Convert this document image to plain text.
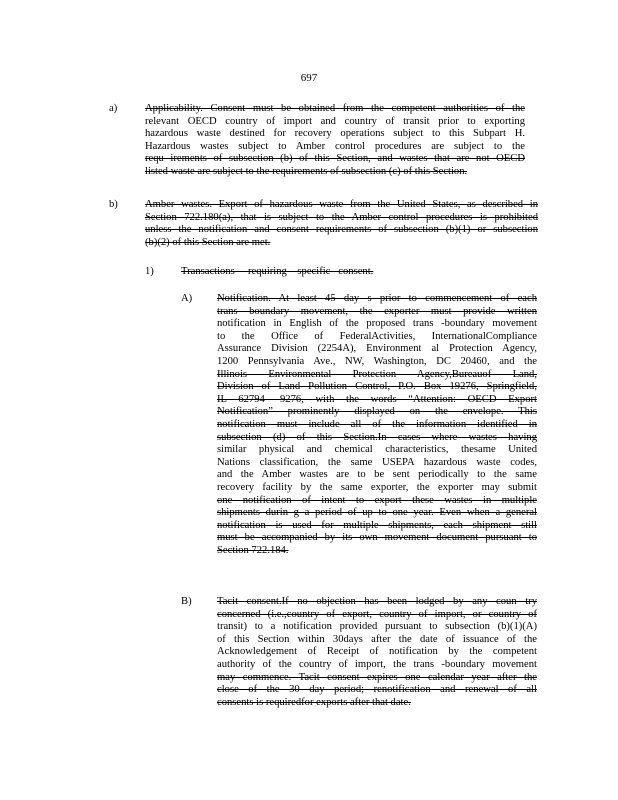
697
a)	Applicability. Consent must be obtained from the competent authorities of the
relevant OECD country of import and country of transit prior to exporting
hazardous waste destined for recovery operations subject to this Subpart H.
Hazardous wastes subject to Amber control procedures are subject to the
requ irements of subsection (b) of this Section, and wastes that are not OECD
listed waste are subject to the requirements of subsection (c) of this Section.
b)	Amber wastes. Export of hazardous waste from the United States, as described in
Section 722.180(a), that is subject to the Amber control procedures is prohibited
unless the notification and consent requirements of subsection (b)(1) or subsection
(b)(2) of this Section are met.
1)	Transactions     requiring    specific   consent.
A) Notification. At least 45 day s prior to commencement of each
trans boundary movement, the exporter must provide written
notification in English of the proposed trans -boundary movement
to the Office of FederalActivities, InternationalCompliance
Assurance Division (2254A), Environment al Protection Agency,
1200 Pennsylvania Ave., NW, Washington, DC 20460, and the
Illinois Environmental Protection Agency,Bureauof Land,
Division of Land Pollution Control, P.O. Box 19276, Springfield,
IL 62794 -9276, with the words “Attention: OECD Export
Notification” prominently displayed on the envelope. This
notification must include all of the information identified in
subsection (d) of this Section.In cases where wastes having
similar physical and chemical characteristics, thesame United
Nations classification, the same USEPA hazardous waste codes,
and the Amber wastes are to be sent periodically to the same
recovery facility by the same exporter, the exporter may submit
one notification of intent to export these wastes in multiple
shipments durin g a period of up to one year. Even when a general
notification is used for multiple shipments, each shipment still
must be accompanied by its own movement document pursuant to
Section 722.184.
B) Tacit consent.If no objection has been lodged by any coun try
concerned (i.e.,country of export, country of import, or country of
transit) to a notification provided pursuant to subsection (b)(1)(A)
of this Section within 30days after the date of issuance of the
Acknowledgement of Receipt of notification by the competent
authority of the country of import, the trans -boundary movement
may commence. Tacit consent expires one calendar year after the
close of the 30 day period; renotification and renewal of all
consents is requiredfor exports after that date.
